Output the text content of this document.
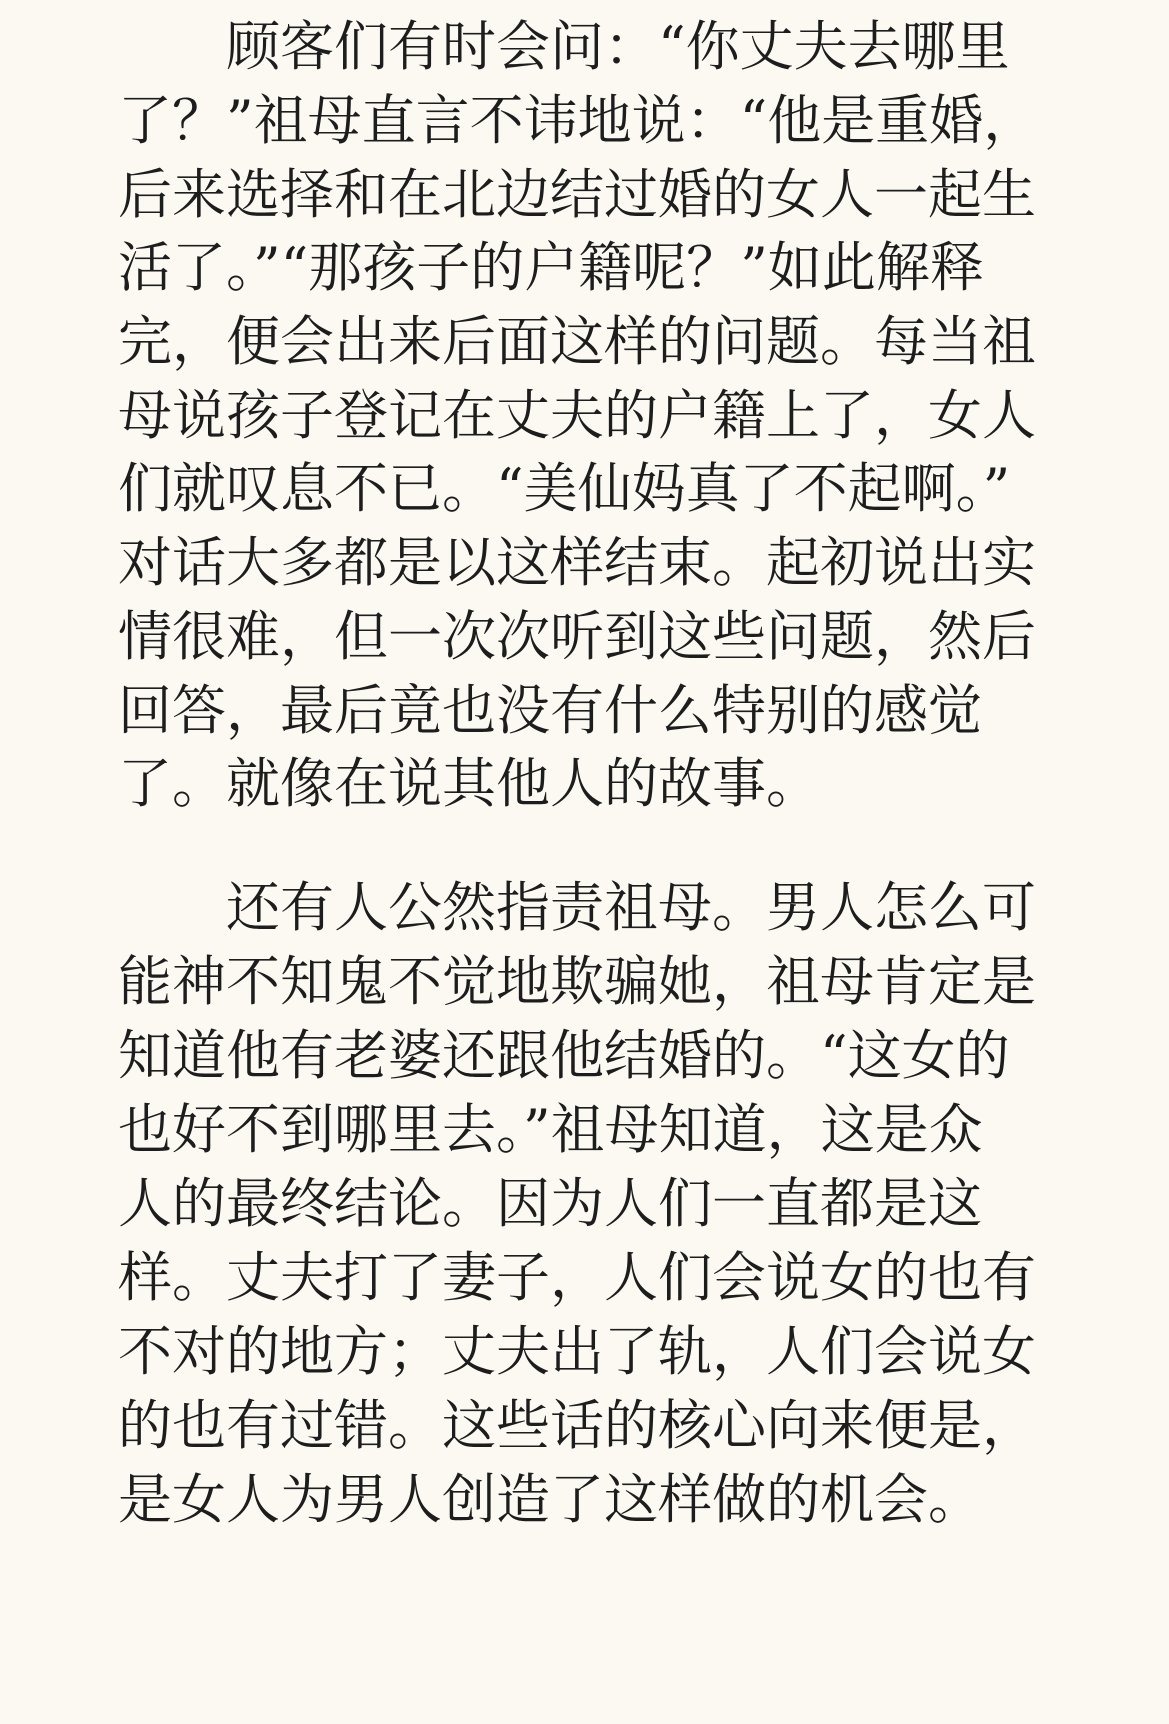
顾客们有时会问：“你丈夫去哪里
了？”祖母直言不讳地说：“他是重婚，
后来选择和在北边结过婚的女人一起生
活了。”“那孩子的户籍呢？”如此解释
完，便会出来后面这样的问题。每当祖
母说孩子登记在丈夫的户籍上了，女人
们就叹息不已。“美仙妈真了不起啊。”
对话大多都是以这样结束。起初说出实
情很难，但一次次听到这些问题，然后
回答，最后竟也没有什么特别的感觉
了。就像在说其他人的故事。
还有人公然指责祖母。男人怎么可
能神不知鬼不觉地欺骗她，祖母肯定是
知道他有老婆还跟他结婚的。“这女的
也好不到哪里去。”祖母知道，这是众
人的最终结论。因为人们一直都是这
样。丈夫打了妻子，人们会说女的也有
不对的地方；丈夫出了轨，人们会说女
的也有过错。这些话的核心向来便是，
是女人为男人创造了这样做的机会。
